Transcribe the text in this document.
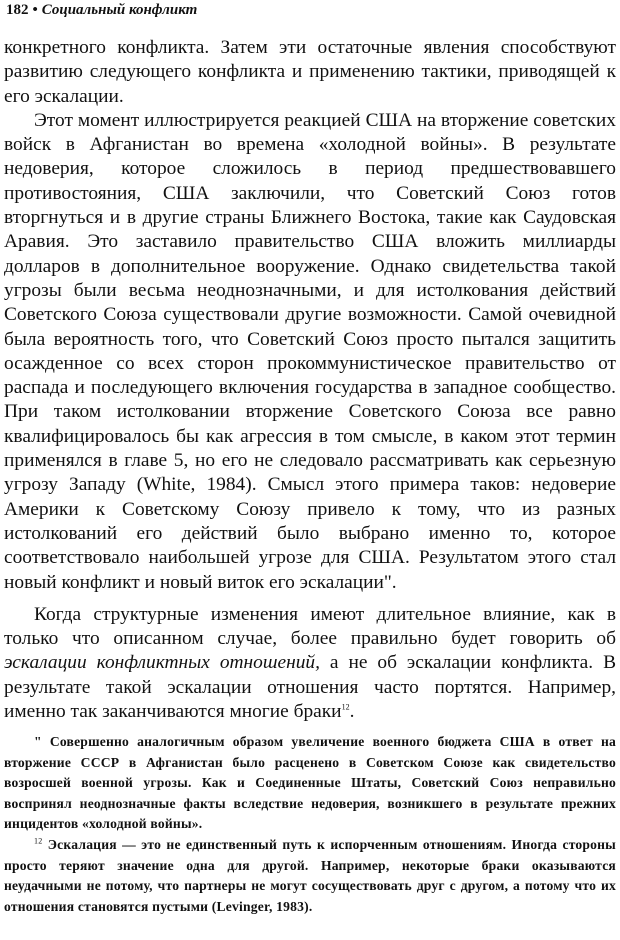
182 • Социальный конфликт

конкретного конфликта. Затем эти остаточные явления способствуют развитию следующего конфликта и применению тактики, приводящей к его эскалации.

Этот момент иллюстрируется реакцией США на вторжение советских войск в Афганистан во времена «холодной войны». В результате недоверия, которое сложилось в период предшествовавшего противостояния, США заключили, что Советский Союз готов вторгнуться и в другие страны Ближнего Востока, такие как Саудовская Аравия. Это заставило правительство США вложить миллиарды долларов в дополнительное вооружение. Однако свидетельства такой угрозы были весьма неоднозначными, и для истолкования действий Советского Союза существовали другие возможности. Самой очевидной была вероятность того, что Советский Союз просто пытался защитить осажденное со всех сторон прокоммунистическое правительство от распада и последующего включения государства в западное сообщество. При таком истолковании вторжение Советского Союза все равно квалифицировалось бы как агрессия в том смысле, в каком этот термин применялся в главе 5, но его не следовало рассматривать как серьезную угрозу Западу (White, 1984). Смысл этого примера таков: недоверие Америки к Советскому Союзу привело к тому, что из разных истолкований его действий было выбрано именно то, которое соответствовало наибольшей угрозе для США. Результатом этого стал новый конфликт и новый виток его эскалации".

Когда структурные изменения имеют длительное влияние, как в только что описанном случае, более правильно будет говорить об эскалации конфликтных отношений, а не об эскалации конфликта. В результате такой эскалации отношения часто портятся. Например, именно так заканчиваются многие браки$^{12}$.

" Совершенно аналогичным образом увеличение военного бюджета США в ответ на вторжение СССР в Афганистан было расценено в Советском Союзе как свидетельство возросшей военной угрозы. Как и Соединенные Штаты, Советский Союз неправильно воспринял неоднозначные факты вследствие недоверия, возникшего в результате прежних инцидентов «холодной войны».

$^{12}$ Эскалация — это не единственный путь к испорченным отношениям. Иногда стороны просто теряют значение одна для другой. Например, некоторые браки оказываются неудачными не потому, что партнеры не могут сосуществовать друг с другом, а потому что их отношения становятся пустыми (Levinger, 1983).
